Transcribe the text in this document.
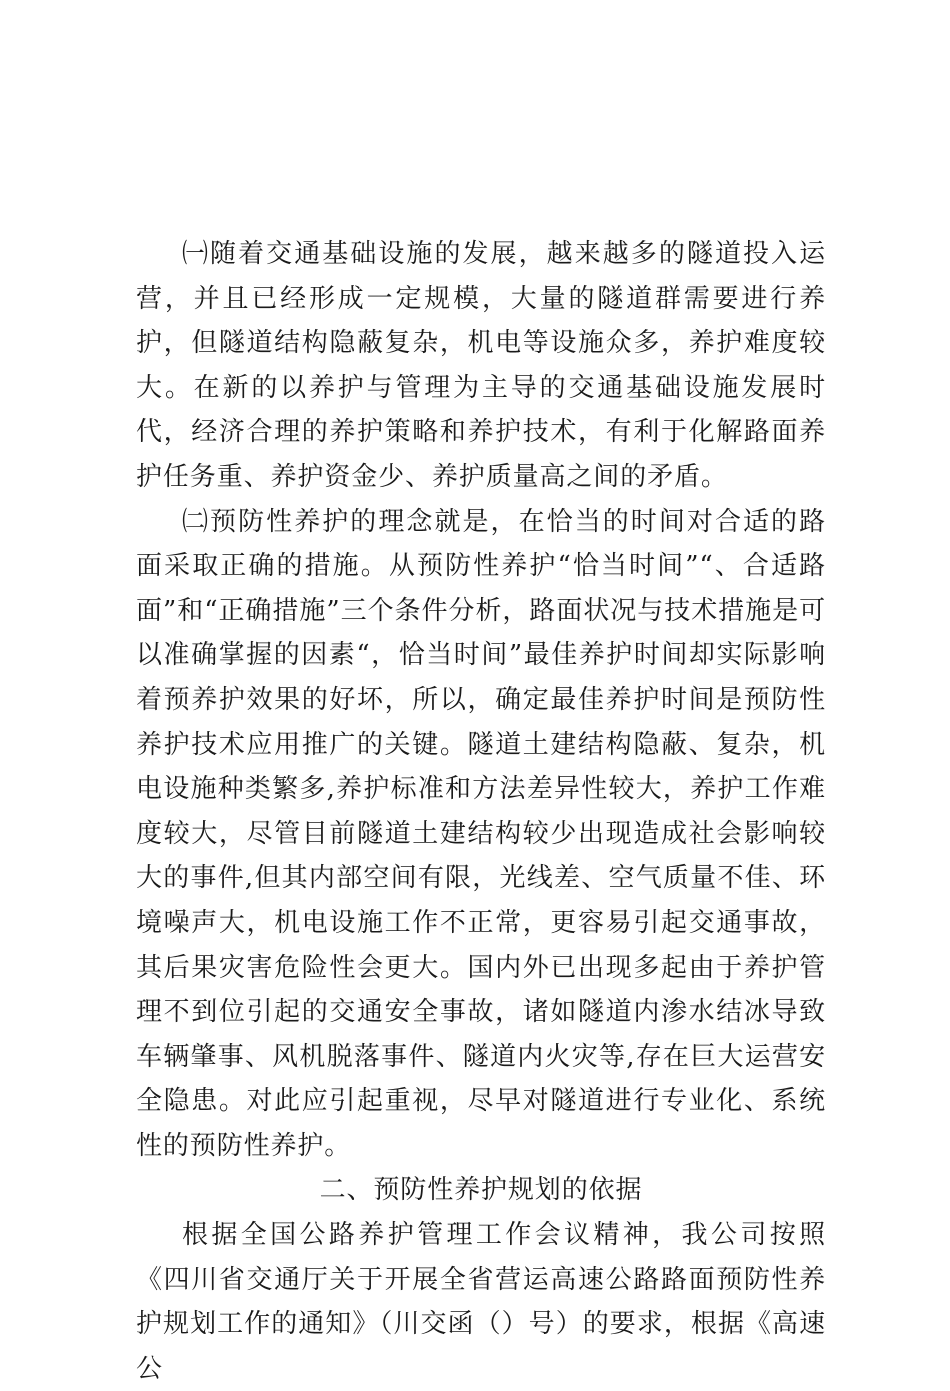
㈠随着交通基础设施的发展，越来越多的隧道投入运营，并且已经形成一定规模，大量的隧道群需要进行养护，但隧道结构隐蔽复杂，机电等设施众多，养护难度较大。在新的以养护与管理为主导的交通基础设施发展时代，经济合理的养护策略和养护技术，有利于化解路面养护任务重、养护资金少、养护质量高之间的矛盾。

㈡预防性养护的理念就是，在恰当的时间对合适的路面采取正确的措施。从预防性养护“恰当时间”“、合适路面”和“正确措施”三个条件分析，路面状况与技术措施是可以准确掌握的因素“，恰当时间”最佳养护时间却实际影响着预养护效果的好坏，所以，确定最佳养护时间是预防性养护技术应用推广的关键。隧道土建结构隐蔽、复杂，机电设施种类繁多,养护标准和方法差异性较大，养护工作难度较大，尽管目前隧道土建结构较少出现造成社会影响较大的事件,但其内部空间有限，光线差、空气质量不佳、环境噪声大，机电设施工作不正常，更容易引起交通事故，其后果灾害危险性会更大。国内外已出现多起由于养护管理不到位引起的交通安全事故，诸如隧道内渗水结冰导致车辆肇事、风机脱落事件、隧道内火灾等,存在巨大运营安全隐患。对此应引起重视，尽早对隧道进行专业化、系统性的预防性养护。

二、预防性养护规划的依据

根据全国公路养护管理工作会议精神，我公司按照《四川省交通厅关于开展全省营运高速公路路面预防性养护规划工作的通知》（川交函（）号）的要求，根据《高速公
